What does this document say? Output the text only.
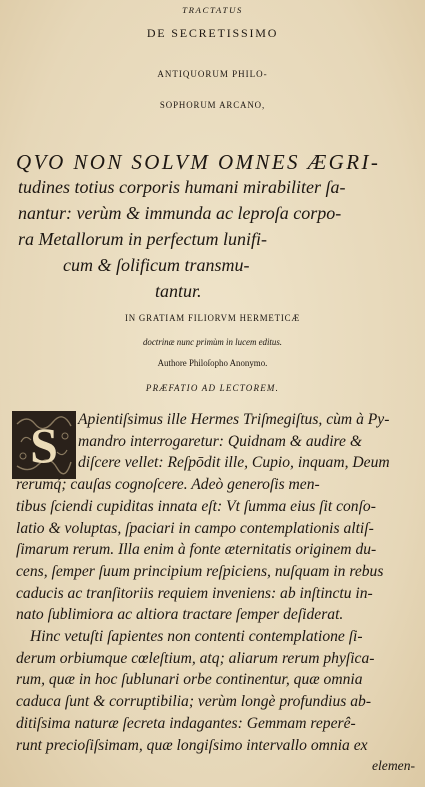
TRACTATUS
DE SECRETISSIMO
ANTIQUORUM PHILO-
SOPHORUM ARCANO,
QVO NON SOLVM OMNES ÆGRI-
tudines totius corporis humani mirabiliter ſa-
nantur: verùm & immunda ac leproſa corpo-
ra Metallorum in perfectum lunifi-
cum & ſolificum transmu-
tantur.
IN GRATIAM FILIORVM HERMETICÆ
doctrinæ nunc primùm in lucem editus.
Authore Philoſopho Anonymo.
PRÆFATIO AD LECTOREM.
S Apientiſsimus ille Hermes Triſmegiſtus, cùm à Py-
mandro interrogaretur: Quidnam & audire &
diſcere vellet: Reſpōdit ille, Cupio, inquam, Deum
rerumq́; cauſas cognoſcere. Adeò generoſis men-
tibus ſciendi cupiditas innata eſt: Vt ſumma eius ſit conſo-
latio & voluptas, ſpaciari in campo contemplationis altiſ-
ſimarum rerum. Illa enim à fonte æternitatis originem du-
cens, ſemper ſuum principium reſpiciens, nuſquam in rebus
caducis ac tranſitoriis requiem inveniens: ab inſtinctu in-
nato ſublimiora ac altiora tractare ſemper deſiderat.
Hinc vetuſti ſapientes non contenti contemplatione ſi-
derum orbiumque cœleſtium, atq; aliarum rerum phyſica-
rum, quæ in hoc ſublunari orbe continentur, quæ omnia
caduca ſunt & corruptibilia; verùm longè profundius ab-
ditiſsima naturæ ſecreta indagantes: Gemmam reperê-
runt precioſiſsimam, quæ longiſsimo intervallo omnia ex
elemen-
